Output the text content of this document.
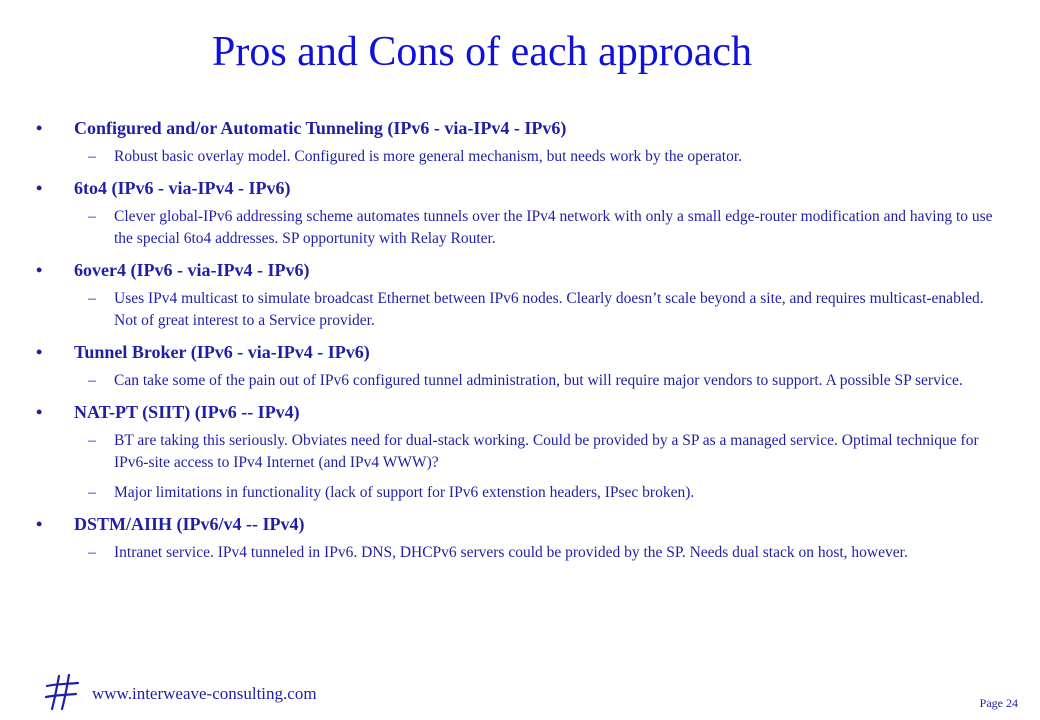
Pros and Cons of each approach
•	Configured and/or Automatic Tunneling (IPv6 - via-IPv4 - IPv6)
–	Robust basic overlay model. Configured is more general mechanism, but needs work by the operator.
•	6to4 (IPv6 - via-IPv4 - IPv6)
–	Clever global-IPv6 addressing scheme automates tunnels over the IPv4 network with only a small edge-router modification and having to use the special 6to4 addresses. SP opportunity with Relay Router.
•	6over4 (IPv6 - via-IPv4 - IPv6)
–	Uses IPv4 multicast to simulate broadcast Ethernet between IPv6 nodes. Clearly doesn’t scale beyond a site, and requires multicast-enabled. Not of great interest to a Service provider.
•	Tunnel Broker (IPv6 - via-IPv4 - IPv6)
–	Can take some of the pain out of IPv6 configured tunnel administration, but will require major vendors to support. A possible SP service.
•	NAT-PT (SIIT) (IPv6 -- IPv4)
–	BT are taking this seriously. Obviates need for dual-stack working. Could be provided by a SP as a managed service. Optimal technique for IPv6-site access to IPv4 Internet (and IPv4 WWW)?
–	Major limitations in functionality (lack of support for IPv6 extenstion headers, IPsec broken).
•	DSTM/AIIH (IPv6/v4 -- IPv4)
–	Intranet service. IPv4 tunneled in IPv6. DNS, DHCPv6 servers could be provided by the SP. Needs dual stack on host, however.
www.interweave-consulting.com	Page 24
